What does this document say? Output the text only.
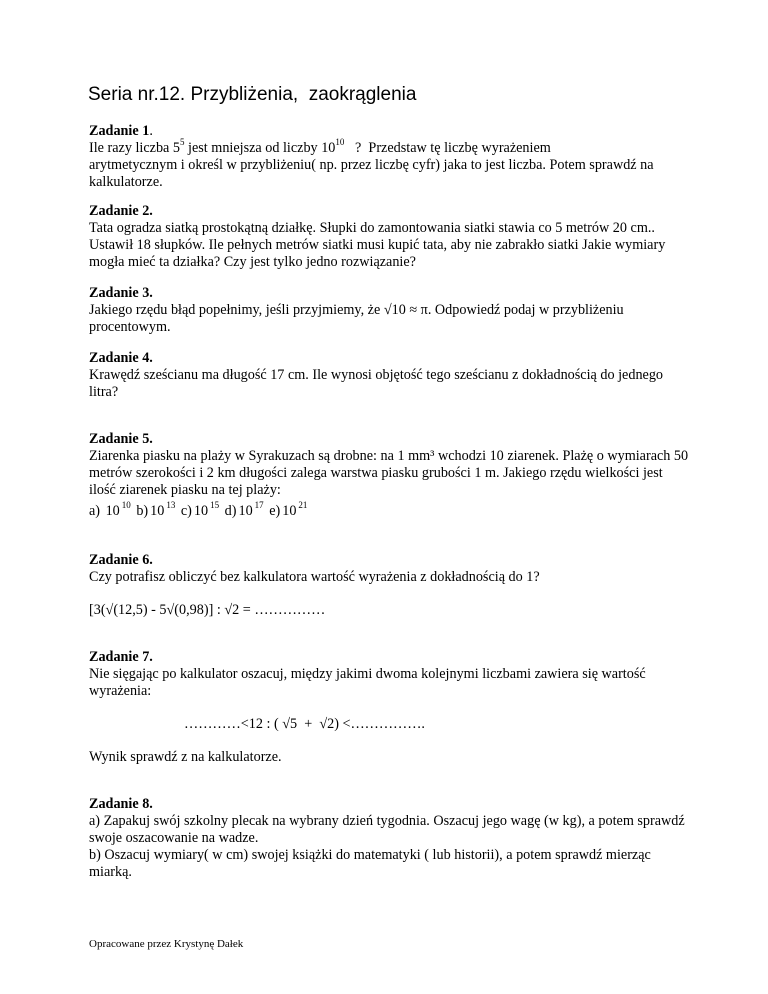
Seria nr.12. Przybliżenia,  zaokrąglenia

Zadanie 1.

Ile razy liczba $5^5$ jest mniejsza od liczby $10^{10}$   ?  Przedstaw tę liczbę wyrażeniem

arytmetycznym i określ w przybliżeniu( np. przez liczbę cyfr) jaka to jest liczba. Potem sprawdź na kalkulatorze.

Zadanie 2.

Tata ogradza siatką prostokątną działkę. Słupki do zamontowania siatki stawia co 5 metrów 20 cm.. Ustawił 18 słupków. Ile pełnych metrów siatki musi kupić tata, aby nie zabrakło siatki Jakie wymiary mogła mieć ta działka? Czy jest tylko jedno rozwiązanie?

Zadanie 3.

Jakiego rzędu błąd popełnimy, jeśli przyjmiemy, że √10 ≈ π. Odpowiedź podaj w przybliżeniu procentowym.

Zadanie 4.

Krawędź sześcianu ma długość 17 cm. Ile wynosi objętość tego sześcianu z dokładnością do jednego litra?

Zadanie 5.

Ziarenka piasku na plaży w Syrakuzach są drobne: na 1 mm³ wchodzi 10 ziarenek. Plażę o wymiarach 50 metrów szerokości i 2 km długości zalega warstwa piasku grubości 1 m. Jakiego rzędu wielkości jest ilość ziarenek piasku na tej plaży:

a) 10 $^{10}$ b) 10 $^{13}$ c) 10 $^{15}$ d) 10 $^{17}$ e) 10 $^{21}$

Zadanie 6.

Czy potrafisz obliczyć bez kalkulatora wartość wyrażenia z dokładnością do 1?

[3(√(12,5) - 5√(0,98)] : √2 = ……………

Zadanie 7.

Nie sięgając po kalkulator oszacuj, między jakimi dwoma kolejnymi liczbami zawiera się wartość wyrażenia:

…………<12 : ( √5  +  √2) <…………….

Wynik sprawdź z na kalkulatorze.

Zadanie 8.

a) Zapakuj swój szkolny plecak na wybrany dzień tygodnia. Oszacuj jego wagę (w kg), a potem sprawdź swoje oszacowanie na wadze.

b) Oszacuj wymiary( w cm) swojej książki do matematyki ( lub historii), a potem sprawdź mierząc miarką.

Opracowane przez Krystynę Dałek
